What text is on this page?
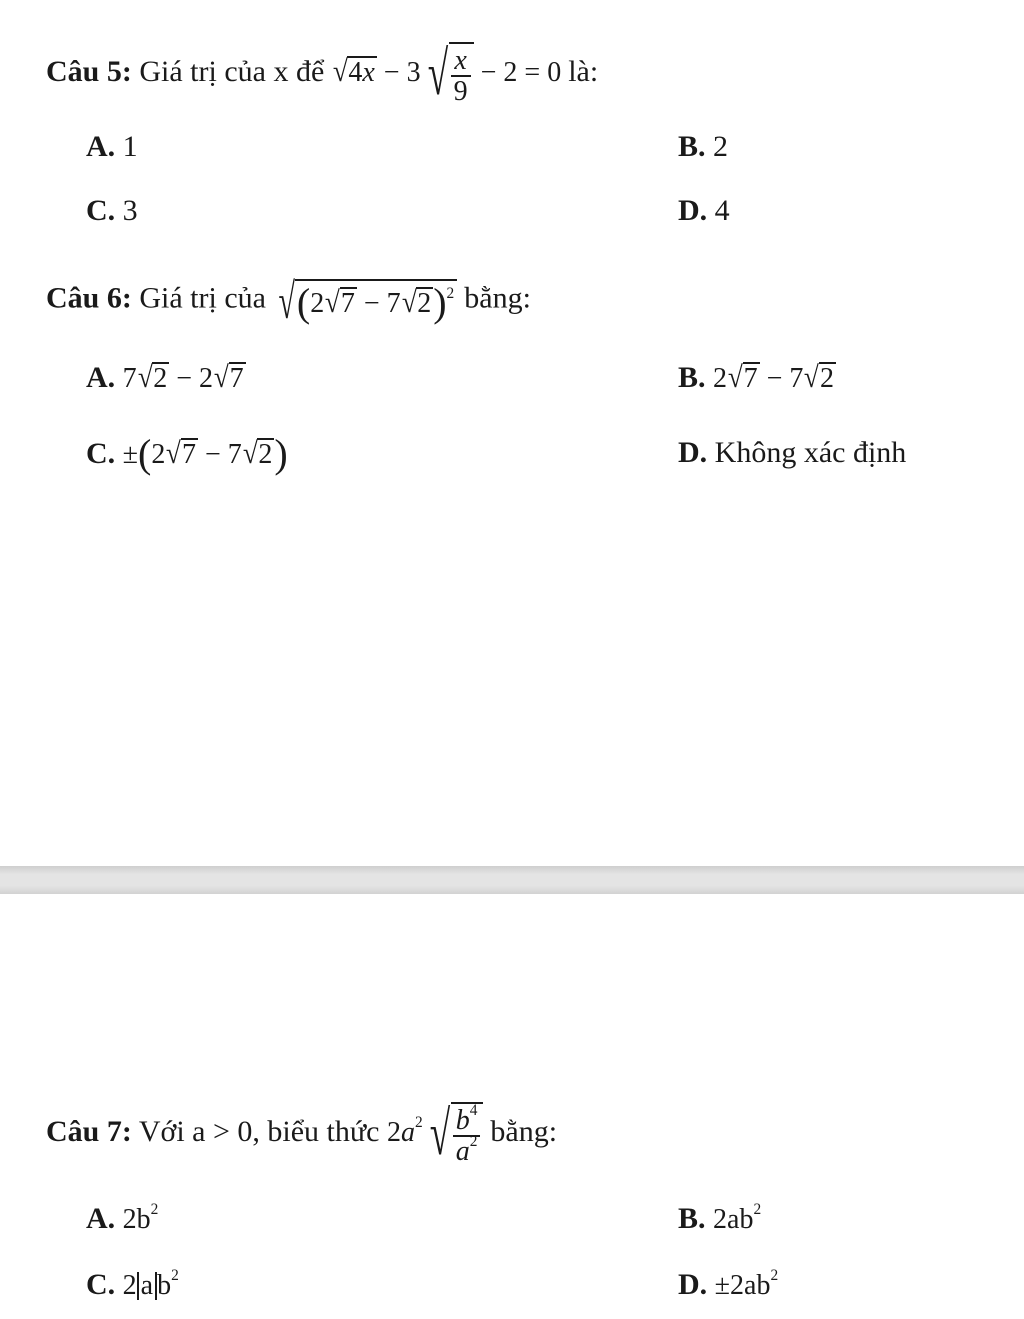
Câu 5: Giá trị của x để √4x − 3 √ $\frac{x}{9} - 2 = 0$ là:
A. 1	B. 2
C. 3	D. 4
Câu 6: Giá trị của $√(2√7 - 7√2)^2$ bằng:
A. 7√2 − 2√7	B. 2√7 − 7√2
C. ±(2√7 − 7√2)	D. Không xác định
Câu 7: Với a > 0, biểu thức $2a^2$ √ $\frac{b^4}{a^2}$ bằng:
A. $2b^2$	B. $2ab^2$
C. 2 a $b^2$	D. $\pm 2ab^2$
